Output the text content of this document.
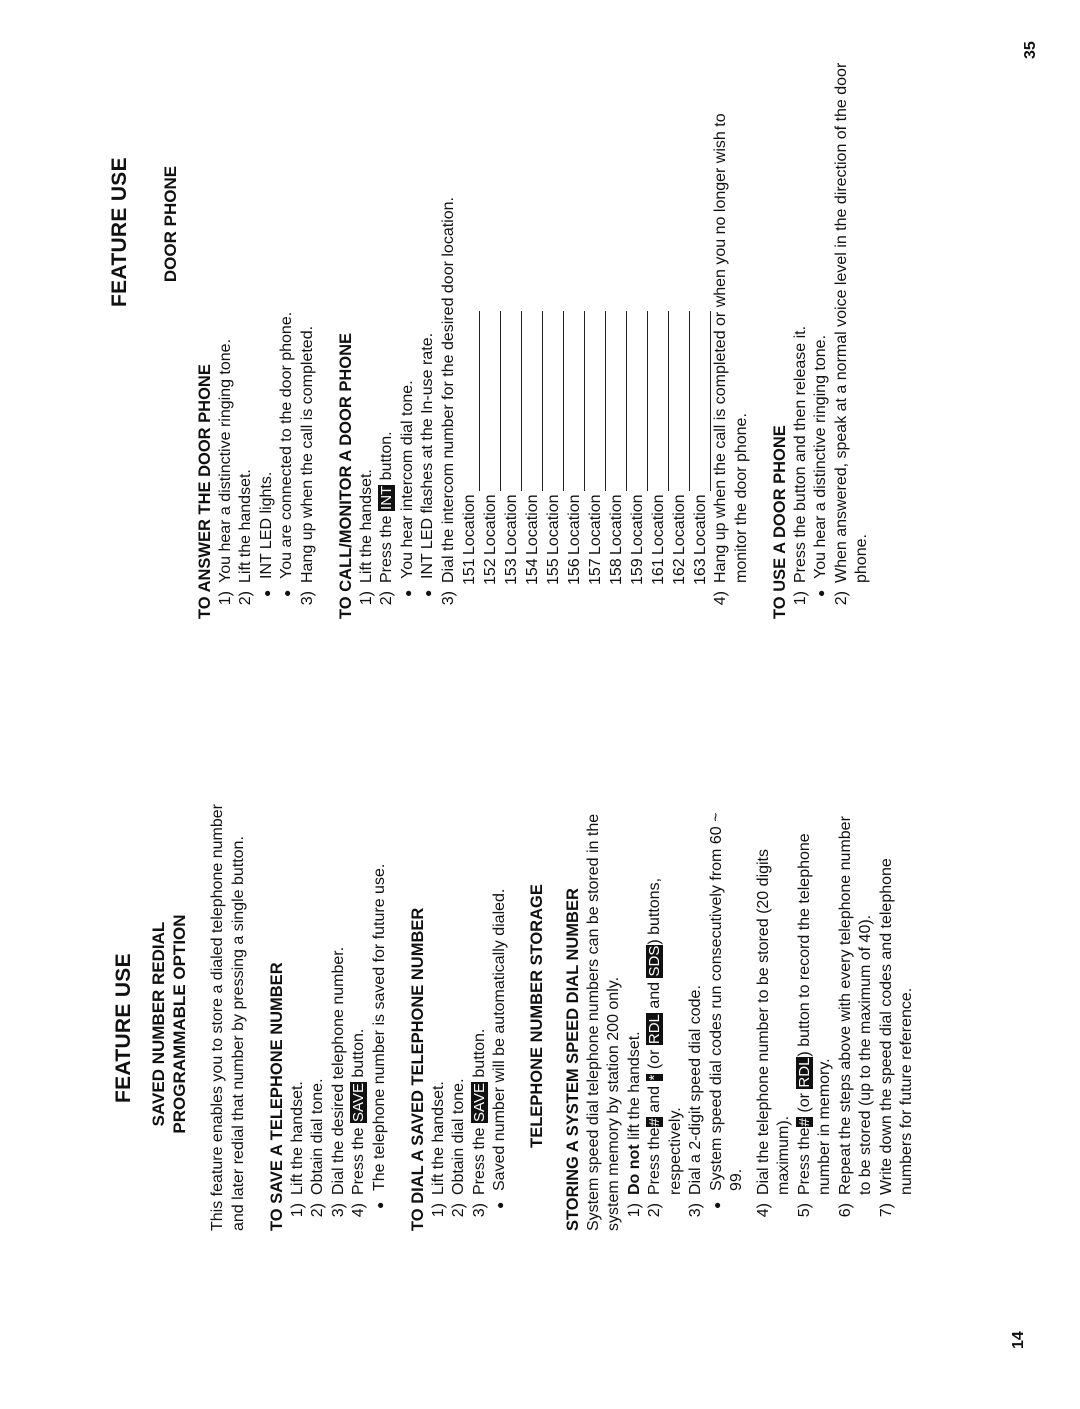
FEATURE USE SAVED NUMBER REDIAL PROGRAMMABLE OPTION This feature enables you to store a dialed telephone number and later redial that number by pressing a single button. TO SAVE A TELEPHONE NUMBER 1)
Lift the handset.
2)
Obtain dial tone.
3)
Dial the desired telephone number.
4)
Press the SAVE button.
●
The telephone number is saved for future use. TO DIAL A SAVED TELEPHONE NUMBER 1)
Lift the handset.
2)
Obtain dial tone.
3)
Press the SAVE button.
●
Saved number will be automatically dialed. TELEPHONE NUMBER STORAGE STORING A SYSTEM SPEED DIAL NUMBER System speed dial telephone numbers can be stored in the system memory by station 200 only. 1)
Do not lift the handset.
2)
Press the# and * (or RDL and SDS) buttons, respectively.
3)
Dial a 2-digit speed dial code.
●
System speed dial codes run consecutively from 60 ~ 99.
4)
Dial the telephone number to be stored (20 digits maximum).
5)
Press the# (or RDL) button to record the telephone number in memory.
6)
Repeat the steps above with every telephone number to be stored (up to the maximum of 40).
7)
Write down the speed dial codes and telephone numbers for future reference.
14
FEATURE USE DOOR PHONE
TO ANSWER THE DOOR PHONE 1)
You hear a distinctive ringing tone.
2)
Lift the handset.
●
INT LED lights.
●
You are connected to the door phone.
3)
Hang up when the call is completed. TO CALL/MONITOR A DOOR PHONE 1)
Lift the handset.
2)
Press the INT button.
●
You hear intercom dial tone.
●
INT LED flashes at the In-use rate.
3)
Dial the intercom number for the desired door location. 151
Location
152
Location
153
Location
154
Location
155
Location
156
Location
157
Location
158
Location
159
Location
161
Location
162
Location
163
Location
4)
Hang up when the call is completed or when you no longer wish to monitor the door phone. TO USE A DOOR PHONE 1)
Press the button and then release it.
●
You hear a distinctive ringing tone.
2)
When answered, speak at a normal voice level in the direction of the door phone.
35
